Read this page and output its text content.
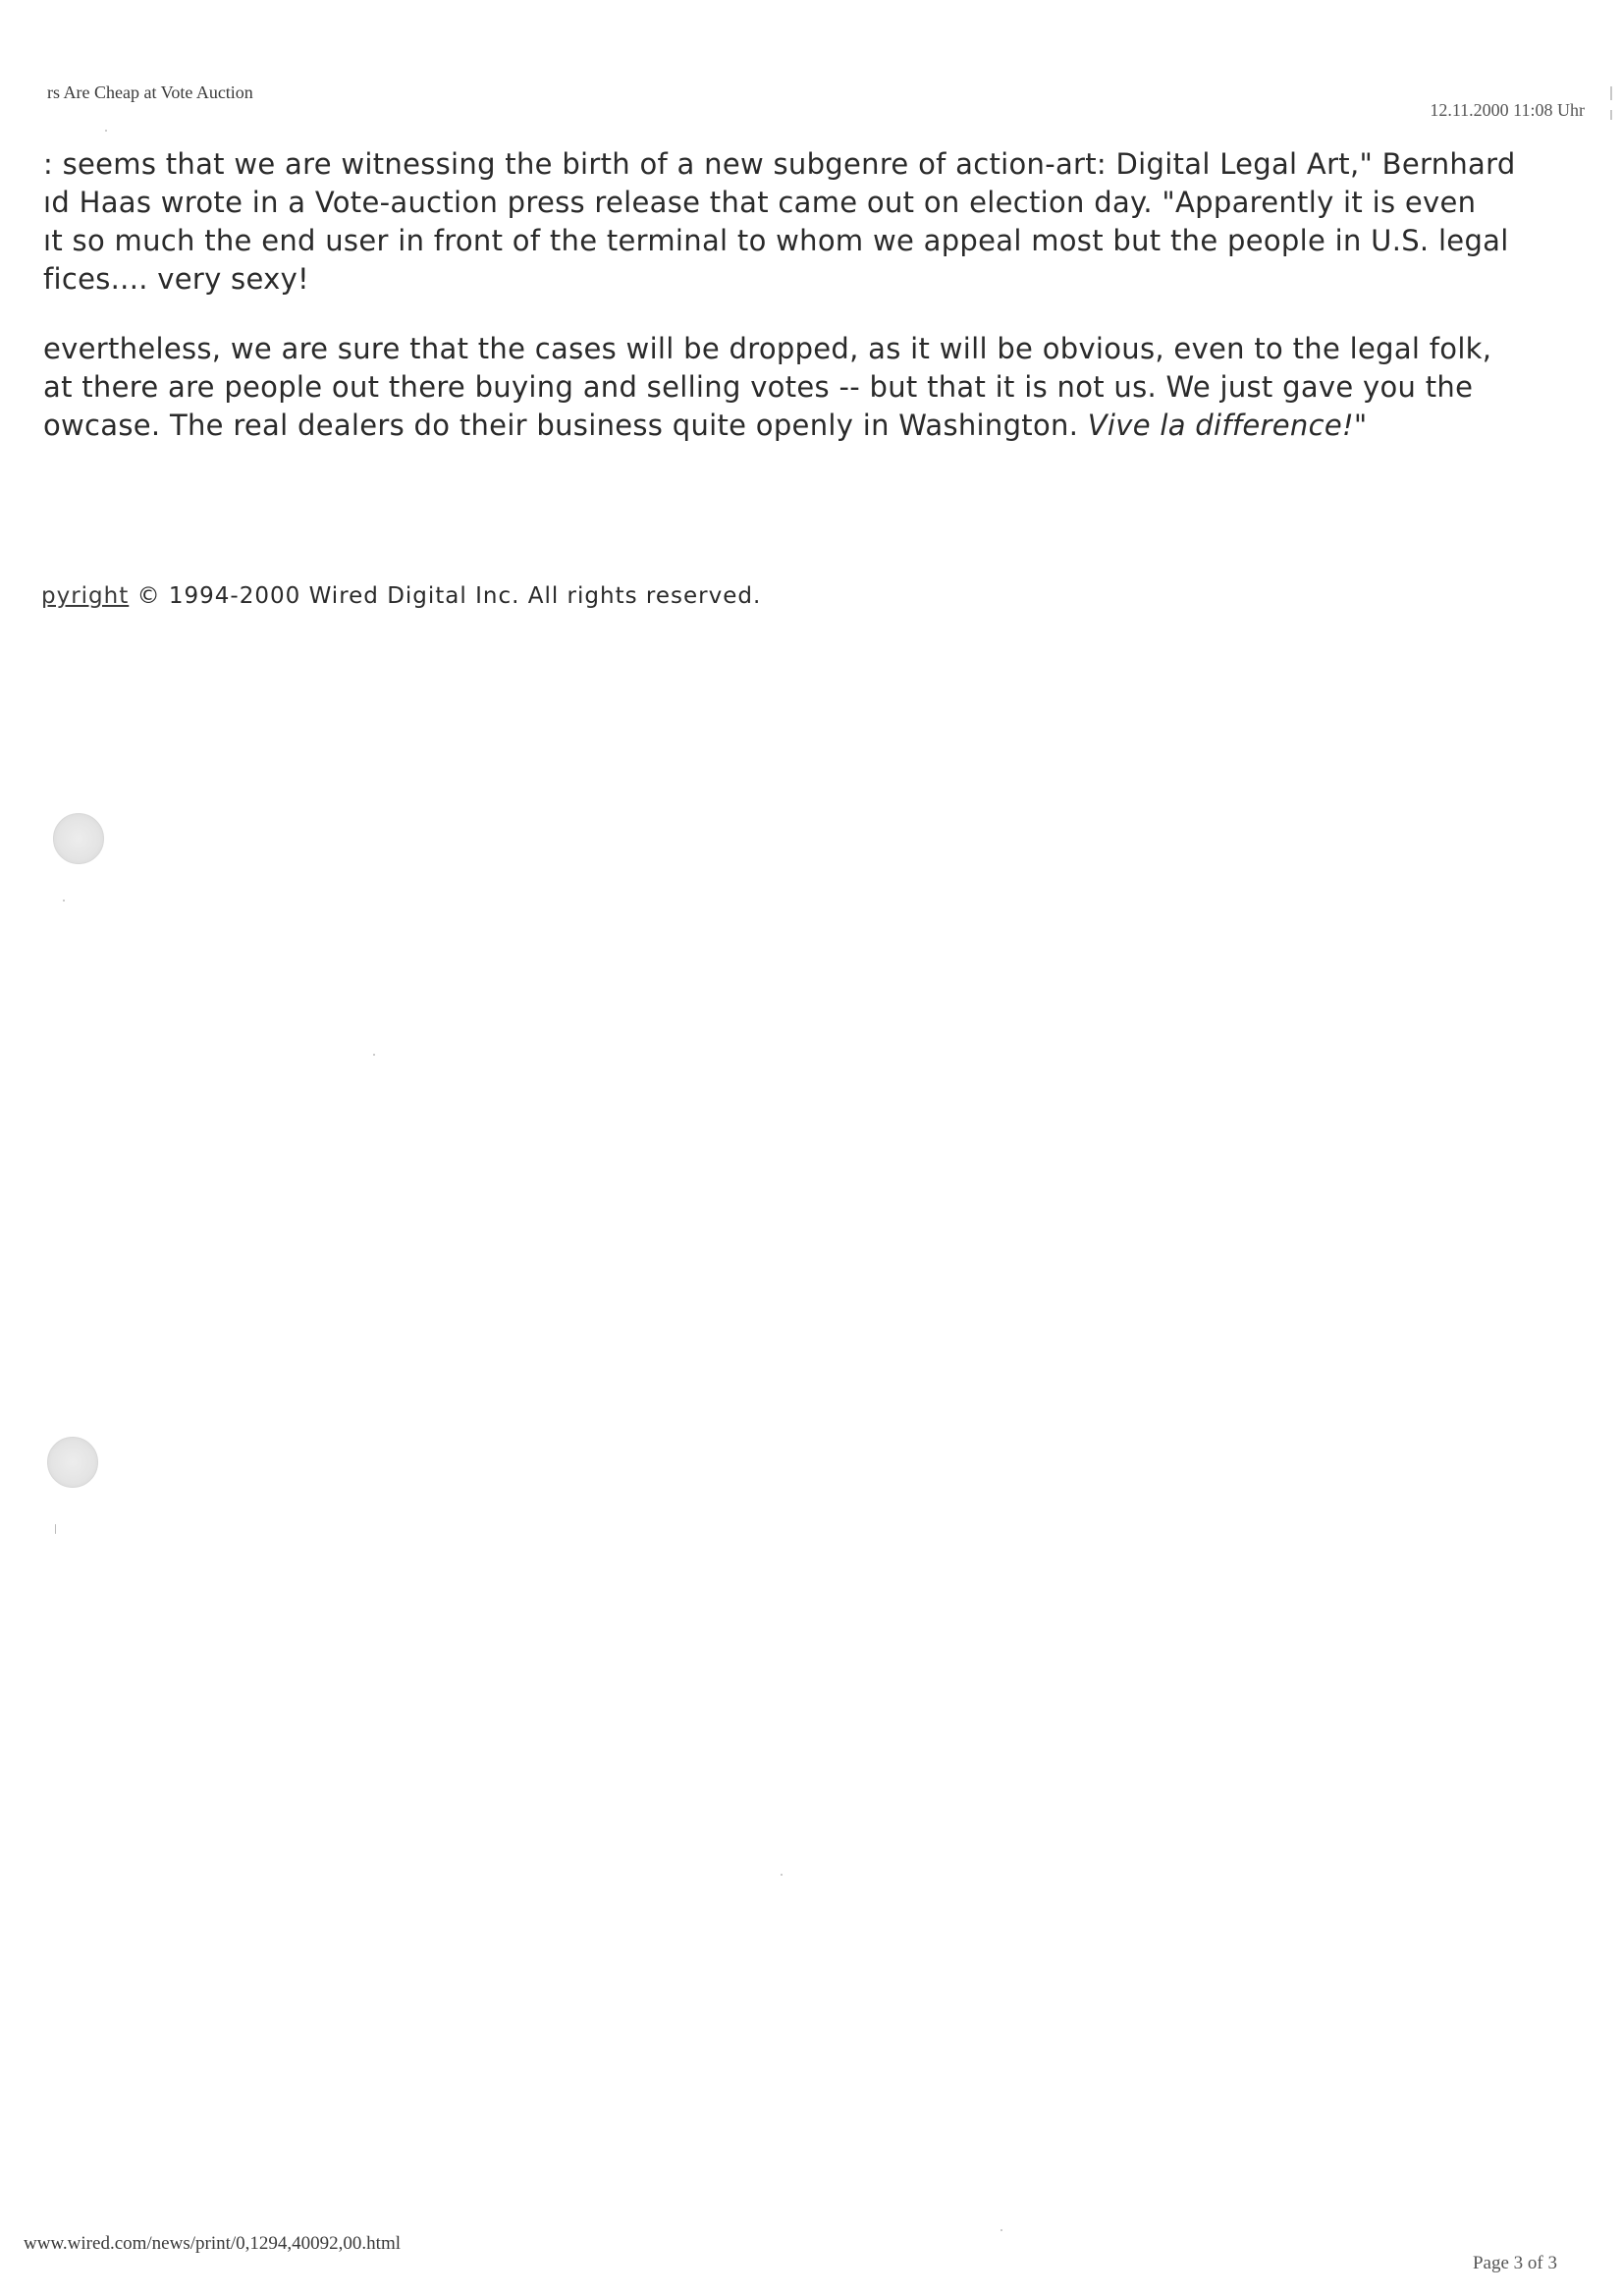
rs Are Cheap at Vote Auction
12.11.2000 11:08 Uhr

: seems that we are witnessing the birth of a new subgenre of action-art: Digital Legal Art," Bernhard
ıd Haas wrote in a Vote-auction press release that came out on election day. "Apparently it is even
ıt so much the end user in front of the terminal to whom we appeal most but the people in U.S. legal
fices.... very sexy!

evertheless, we are sure that the cases will be dropped, as it will be obvious, even to the legal folk,
at there are people out there buying and selling votes -- but that it is not us. We just gave you the
owcase. The real dealers do their business quite openly in Washington. Vive la difference!"

pyright © 1994-2000 Wired Digital Inc. All rights reserved.
www.wired.com/news/print/0,1294,40092,00.html
Page 3 of 3
